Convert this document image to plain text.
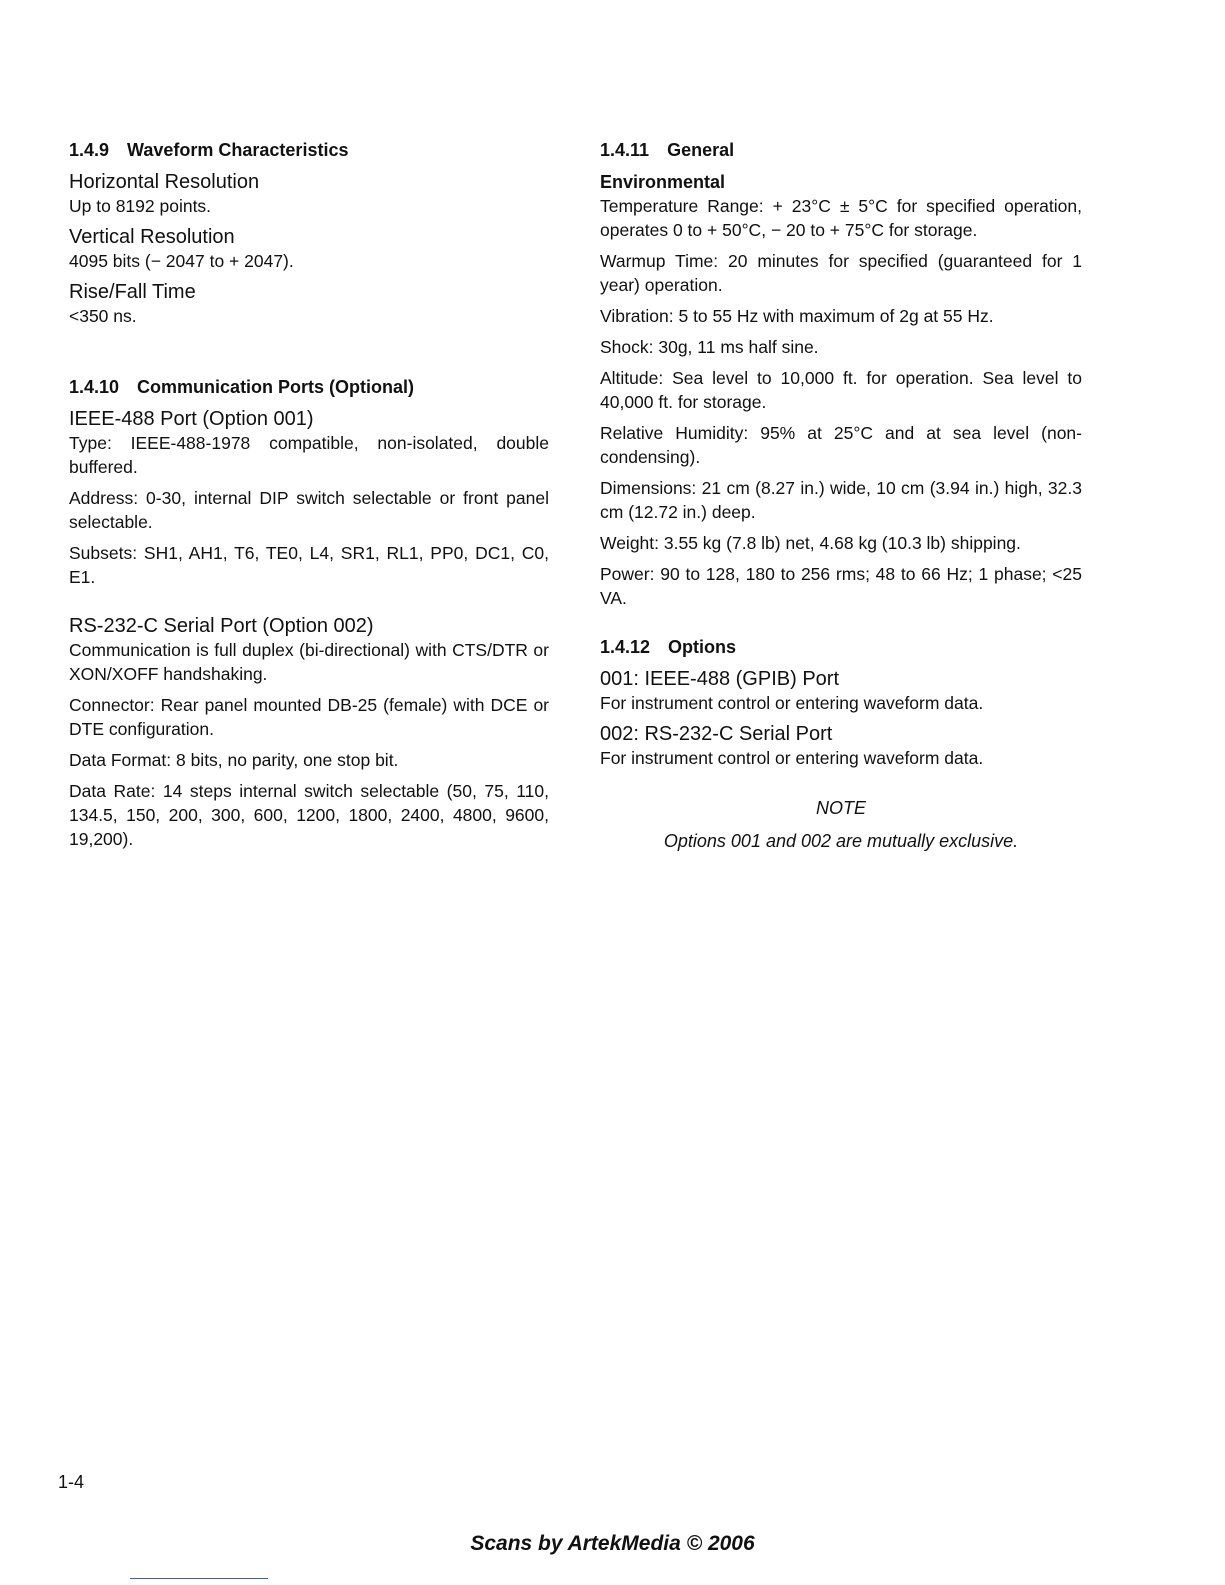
1.4.9 Waveform Characteristics
Horizontal Resolution

Up to 8192 points.

Vertical Resolution

4095 bits (− 2047 to + 2047).

Rise/Fall Time

<350 ns.

1.4.10 Communication Ports (Optional)
IEEE-488 Port (Option 001)

Type: IEEE-488-1978 compatible, non-isolated, double buffered.

Address: 0-30, internal DIP switch selectable or front panel selectable.

Subsets: SH1, AH1, T6, TE0, L4, SR1, RL1, PP0, DC1, C0, E1.

RS-232-C Serial Port (Option 002)

Communication is full duplex (bi-directional) with CTS/DTR or XON/XOFF handshaking.

Connector: Rear panel mounted DB-25 (female) with DCE or DTE configuration.

Data Format: 8 bits, no parity, one stop bit.

Data Rate: 14 steps internal switch selectable (50, 75, 110, 134.5, 150, 200, 300, 600, 1200, 1800, 2400, 4800, 9600, 19,200).

1.4.11 General
Environmental

Temperature Range: + 23°C ± 5°C for specified operation, operates 0 to + 50°C, − 20 to + 75°C for storage.

Warmup Time: 20 minutes for specified (guaranteed for 1 year) operation.

Vibration: 5 to 55 Hz with maximum of 2g at 55 Hz.

Shock: 30g, 11 ms half sine.

Altitude: Sea level to 10,000 ft. for operation. Sea level to 40,000 ft. for storage.

Relative Humidity: 95% at 25°C and at sea level (non-condensing).

Dimensions: 21 cm (8.27 in.) wide, 10 cm (3.94 in.) high, 32.3 cm (12.72 in.) deep.

Weight: 3.55 kg (7.8 lb) net, 4.68 kg (10.3 lb) shipping.

Power: 90 to 128, 180 to 256 rms; 48 to 66 Hz; 1 phase; <25 VA.

1.4.12 Options
001: IEEE-488 (GPIB) Port

For instrument control or entering waveform data.

002: RS-232-C Serial Port

For instrument control or entering waveform data.

NOTE
Options 001 and 002 are mutually exclusive.
1-4
Scans by ArtekMedia © 2006
